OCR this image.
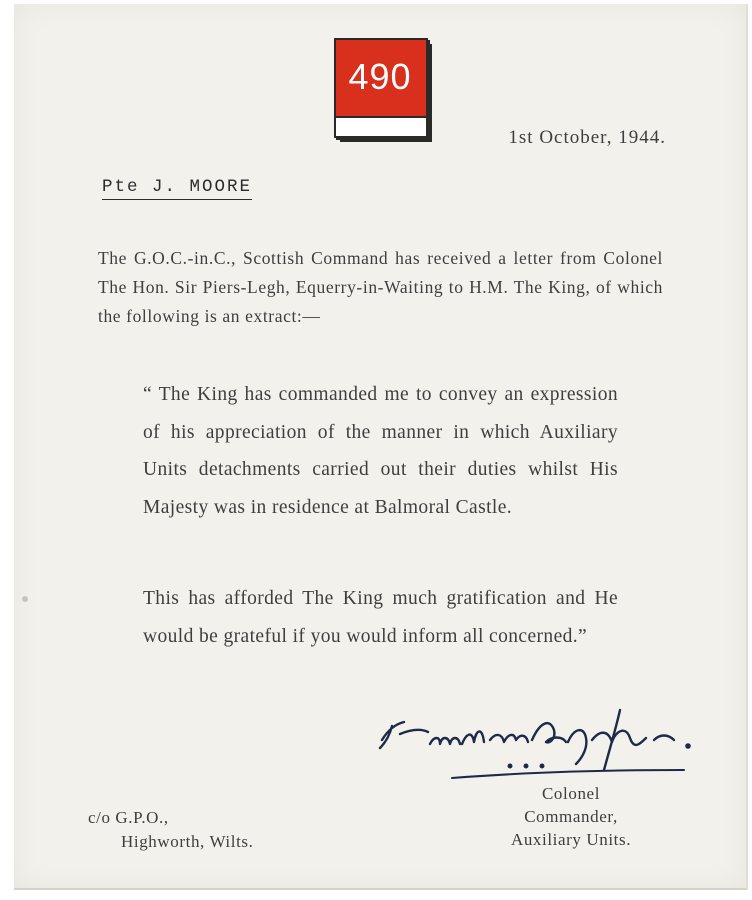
490

1st October, 1944.

Pte J. MOORE

The G.O.C.-in.C., Scottish Command has received a letter from Colonel The Hon. Sir Piers-Legh, Equerry-in-Waiting to H.M. The King, of which the following is an extract:—

“ The King has commanded me to convey an expression of his appreciation of the manner in which Auxiliary Units detachments carried out their duties whilst His Majesty was in residence at Balmoral Castle.

This has afforded The King much gratification and He would be grateful if you would inform all concerned.”

Colonel
Commander,
Auxiliary Units.
c/o G.P.O.,
Highworth, Wilts.
